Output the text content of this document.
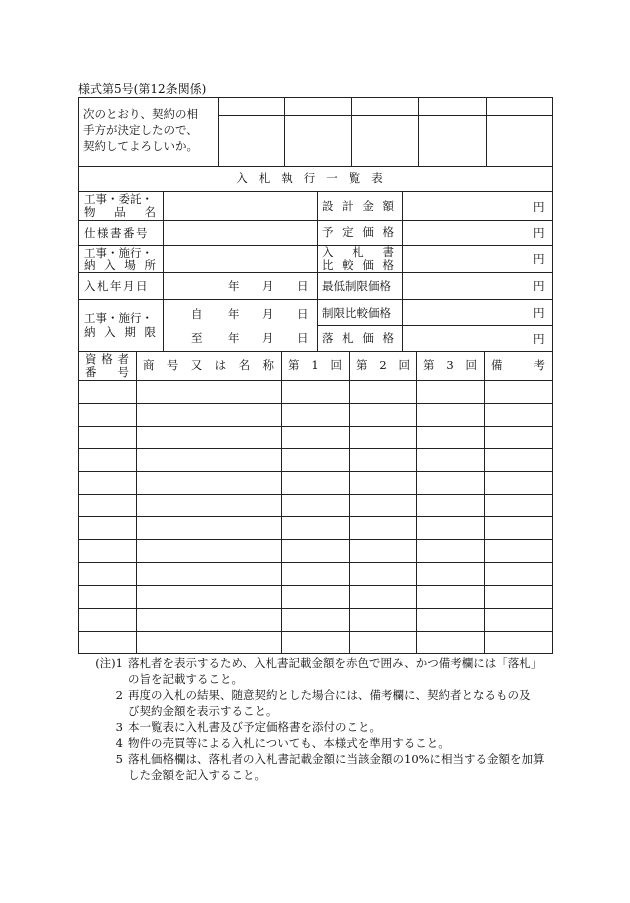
様式第5号(第12条関係)
次のとおり、契約の相
手方が決定したので、
契約してよろしいか。
入札執行一覧表
工事・委託・
物 品 名
仕様書番号
工事・施行・
納 入 場 所
入札年月日
工事・施行・
納 入 期 限
年 月 日
自 年 月 日
至 年 月 日
設 計 金 額
予 定 価 格
入 札 書
比 較 価 格
最低制限価格
制限比較価格
落 札 価 格
円
円
円
円
円
円
資 格 者
番 号 商 号 又 は 名 称 第 1 回 第 2 回 第 3 回 備	考
(注)1 落札者を表示するため、入札書記載金額を赤色で囲み、かつ備考欄には「落札」
の旨を記載すること。
2 再度の入札の結果、随意契約とした場合には、備考欄に、契約者となるもの及
び契約金額を表示すること。
3 本一覧表に入札書及び予定価格書を添付のこと。
4 物件の売買等による入札についても、本様式を準用すること。
5 落札価格欄は、落札者の入札書記載金額に当該金額の10%に相当する金額を加算
した金額を記入すること。
